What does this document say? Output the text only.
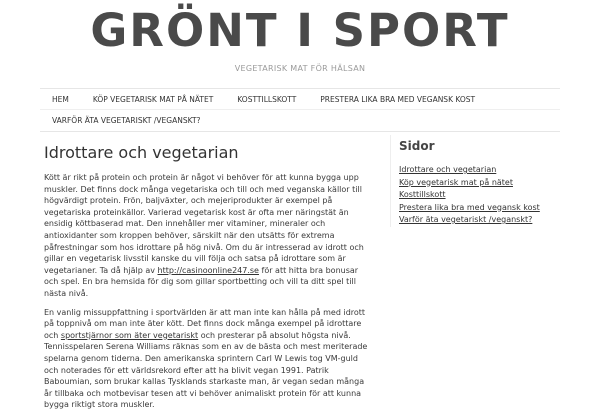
GRÖNT I SPORT
VEGETARISK MAT FÖR HÄLSAN
HEM	KÖP VEGETARISK MAT PÅ NÄTET	KOSTTILLSKOTT	PRESTERA LIKA BRA MED VEGANSK KOST
VARFÖR ÄTA VEGETARISKT /VEGANSKT?
Idrottare och vegetarian

Kött är rikt på protein och protein är något vi behöver för att kunna bygga upp muskler. Det finns dock många vegetariska och till och med veganska källor till högvärdigt protein. Frön, baljväxter, och mejeriprodukter är exempel på vegetariska proteinkällor. Varierad vegetarisk kost är ofta mer näringstät än ensidig köttbaserad mat. Den innehåller mer vitaminer, mineraler och antioxidanter som kroppen behöver, särskilt när den utsätts för extrema påfrestningar som hos idrottare på hög nivå. Om du är intresserad av idrott och gillar en vegetarisk livsstil kanske du vill följa och satsa på idrottare som är vegetarianer. Ta då hjälp av http://casinoonline247.se för att hitta bra bonusar och spel. En bra hemsida för dig som gillar sportbetting och vill ta ditt spel till nästa nivå.

En vanlig missuppfattning i sportvärlden är att man inte kan hålla på med idrott på toppnivå om man inte äter kött. Det finns dock många exempel på idrottare och sportstjärnor som äter vegetariskt och presterar på absolut högsta nivå. Tennisspelaren Serena Williams räknas som en av de bästa och mest meriterade spelarna genom tiderna. Den amerikanska sprintern Carl W Lewis tog VM-guld och noterades för ett världsrekord efter att ha blivit vegan 1991. Patrik Baboumian, som brukar kallas Tysklands starkaste man, är vegan sedan många år tillbaka och motbevisar tesen att vi behöver animaliskt protein för att kunna bygga riktigt stora muskler.

Sidor
Idrottare och vegetarian
Köp vegetarisk mat på nätet
Kosttillskott
Prestera lika bra med vegansk kost
Varför äta vegetariskt /veganskt?
